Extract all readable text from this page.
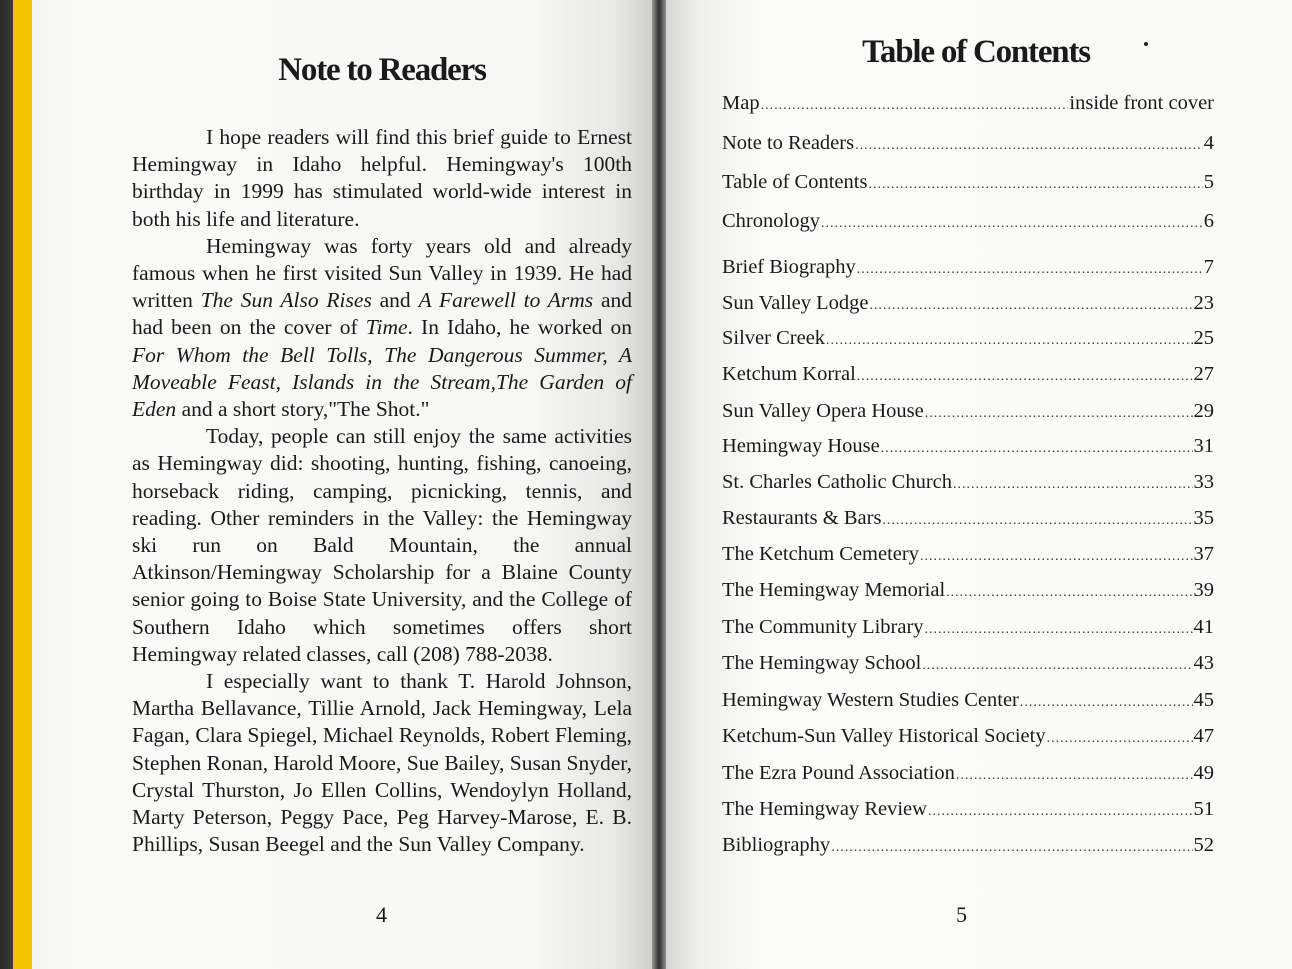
Note to Readers

I hope readers will find this brief guide to Ernest Hemingway in Idaho helpful. Hemingway's 100th birthday in 1999 has stimulated world-wide interest in both his life and literature.

Hemingway was forty years old and already famous when he first visited Sun Valley in 1939. He had written The Sun Also Rises and A Farewell to Arms and had been on the cover of Time. In Idaho, he worked on For Whom the Bell Tolls, The Dangerous Summer, A Moveable Feast, Islands in the Stream,The Garden of Eden and a short story,"The Shot."

Today, people can still enjoy the same activities as Hemingway did: shooting, hunting, fishing, canoeing, horseback riding, camping, picnicking, tennis, and reading. Other reminders in the Valley: the Hemingway ski run on Bald Mountain, the annual Atkinson/Hemingway Scholarship for a Blaine County senior going to Boise State University, and the College of Southern Idaho which sometimes offers short Hemingway related classes, call (208) 788-2038.

I especially want to thank T. Harold Johnson, Martha Bellavance, Tillie Arnold, Jack Hemingway, Lela Fagan, Clara Spiegel, Michael Reynolds, Robert Fleming, Stephen Ronan, Harold Moore, Sue Bailey, Susan Snyder, Crystal Thurston, Jo Ellen Collins, Wendoylyn Holland, Marty Peterson, Peggy Pace, Peg Harvey-Marose, E. B. Phillips, Susan Beegel and the Sun Valley Company.

4
Table of Contents
Map .....	inside front cover
Note to Readers .....	4
Table of Contents .....	5
Chronology .....	6
Brief Biography .....	7
Sun Valley Lodge .....	23
Silver Creek .....	25
Ketchum Korral .....	27
Sun Valley Opera House .....	29
Hemingway House .....	31
St. Charles Catholic Church .....	33
Restaurants & Bars .....	35
The Ketchum Cemetery .....	37
The Hemingway Memorial .....	39
The Community Library .....	41
The Hemingway School .....	43
Hemingway Western Studies Center .....	45
Ketchum-Sun Valley Historical Society .....	47
The Ezra Pound Association .....	49
The Hemingway Review .....	51
Bibliography .....	52
5
